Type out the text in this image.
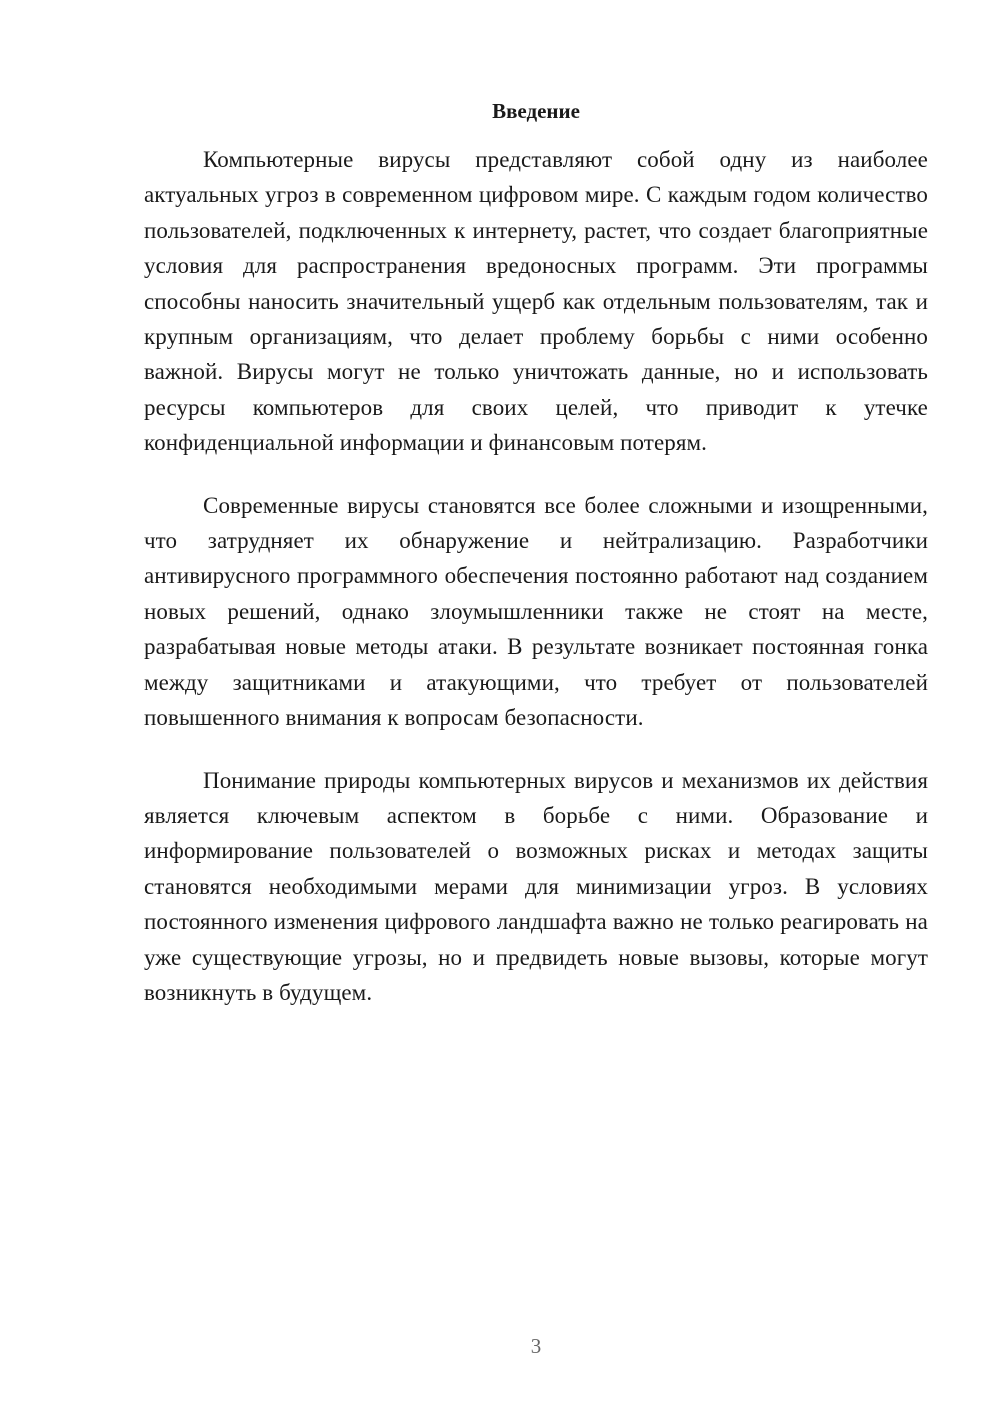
Введение

Компьютерные вирусы представляют собой одну из наиболее актуальных угроз в современном цифровом мире. С каждым годом количество пользователей, подключенных к интернету, растет, что создает благоприятные условия для распространения вредоносных программ. Эти программы способны наносить значительный ущерб как отдельным пользователям, так и крупным организациям, что делает проблему борьбы с ними особенно важной. Вирусы могут не только уничтожать данные, но и использовать ресурсы компьютеров для своих целей, что приводит к утечке конфиденциальной информации и финансовым потерям.

Современные вирусы становятся все более сложными и изощренными, что затрудняет их обнаружение и нейтрализацию. Разработчики антивирусного программного обеспечения постоянно работают над созданием новых решений, однако злоумышленники также не стоят на месте, разрабатывая новые методы атаки. В результате возникает постоянная гонка между защитниками и атакующими, что требует от пользователей повышенного внимания к вопросам безопасности.

Понимание природы компьютерных вирусов и механизмов их действия является ключевым аспектом в борьбе с ними. Образование и информирование пользователей о возможных рисках и методах защиты становятся необходимыми мерами для минимизации угроз. В условиях постоянного изменения цифрового ландшафта важно не только реагировать на уже существующие угрозы, но и предвидеть новые вызовы, которые могут возникнуть в будущем.

3
